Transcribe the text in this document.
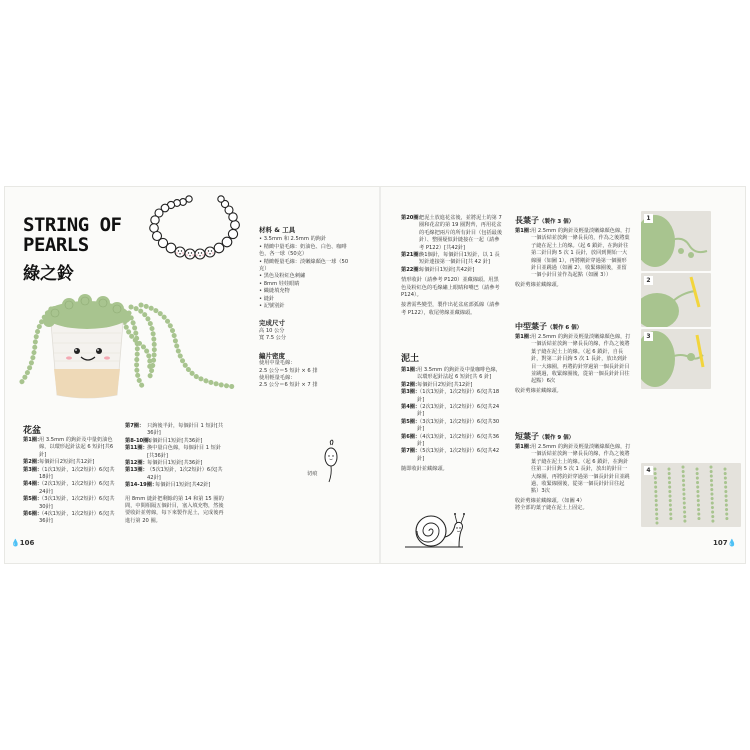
STRING OF
PEARLS
綠之鈴
花盆
第1圈：
用 3.5mm 的鉤針及中量奶油色線，以環形起針法起 6 短針[共6針]
第2圈：
每個針目2短針[共12針]
第3圈：
（1次1短針，1次2短針）6次[共18針]
第4圈：
（2次1短針，1次2短針）6次[共24針]
第5圈：
（3次1短針，1次2短針）6次[共30針]
第6圈：
（4次1短針，1次2短針）6次[共36針]
第7圈： 只鉤後半針，每個針目 1 短針[共36針]
第8-10圈：
每個針目1短針[共36針]
第11圈： 換中量白色線，每個針目 1 短針[共36針]
第12圈： 每個針目1短針[共36針]
第13圈： （5次1短針，1次2短針）6次[共42針]
第14-19圈：
每個針目1短針[共42針]
用 8mm 縫針把剩餘的第 14 和第 15 圈的間，中間相隔五個針目，塞入填充物，然後要收針並剪線，每下來製作泥土，完成後再進行第 20 圈。
材料 & 工具
• 3.5mm 和 2.5mm 的鉤針
• 精緻中量毛線：奶油色、白色、咖啡色，各一球（50克）
• 精緻輕量毛線：淡嫩綠顏色一球（50克）
• 黑色及粉紅色刺繡
• 8mm 娃娃眼睛
• 織縫填充物
• 縫針
• 記號別針
完成尺寸
高 10 公分
寬 7.5 公分
編片密度
使用中量毛線：
2.5 公分＝5 短針 × 6 排
使用輕量毛線：
2.5 公分＝6 短針 × 7 排
切痕
💧106
第20圈：
把泥土放進花盆後，並將泥土的第 7 圈和花盆的第 19 圈對齊，再用花盆的毛線把兩片的所有針目（包括最後針）、整圈疑似針縫接在一起（請參考 P122）[共42針]
第21圈：
換1個針，每個針目1短針，以 1 長短針連接第一個針目[共 42 針]
第22圈：
每個針目1短針[共42針]
情形收針（請參考 P120）並藏線頭。用黑色及粉紅色的毛線繡上眼睛和嘴巴（請參考 P124）。
接著需些變型，製作出花盆底部弧線（請參考 P122），收尾剪線並藏線頭。
泥土
第1圈：
用 3.5mm 的鉤針及中量咖啡色線，以環形起針法起 6 短針[共 6 針]
第2圈：
每個針目2短針[共12針]
第3圈：
（1次1短針，1次2短針）6次[共18針]
第4圈：
（2次1短針，1次2短針）6次[共24針]
第5圈：
（3次1短針，1次2短針）6次[共30針]
第6圈：
（4次1短針，1次2短針）6次[共36針]
第7圈：
（5次1短針，1次2短針）6次[共42針]
隨即收針並藏線頭。
長葉子（製作 3 個）
第1圈：
用 2.5mm 的鉤針及輕量淡嫩綠顏色線，打一個活結並放鉤一條長長的，作為之後將葉子縫在泥土上的線。（起 6 鎖針，在鉤針往第二針目鉤 5 次 1 長針，放回到開始一大線圈（如圖 1），再將剛針穿過第一個圈形針目並跳過（如圖 2），收緊線圈後，並留一個小針目並作為起點（如圖 3））
收針剪線並藏線頭。
中型葉子（製作 6 個）
第1圈：
用 2.5mm 的鉤針及輕量淡嫩綠顏色線，打一個活結並放鉤一條長長的線，作為之後將葉子縫在泥土上的線。（起 6 鎖針，自長針，對第二針目鉤 5 次 1 長針，放出到針目一大線圈，再將釣針穿過第一個長針針目並跳過，收緊線圈後，從第一個長針針目往起點）6次
收針剪線並藏線頭。
短葉子（製作 9 個）
第1圈：
用 2.5mm 的鉤針及輕量淡嫩綠顏色線，打一個活結並放鉤一條長長的線，作為之後將葉子縫在泥土上的線。（起 6 鎖針，在鉤針往第二針目鉤 5 次 1 長針，放出的針目一大線圈，再將釣針穿過第一個長針針目並跳過，收緊線圈後，從第一個長針針目往起點）3次
收針剪線並藏線頭。（如圖 4）
將全部的葉子縫在泥土上固定。
1
2
3
4
107💧
